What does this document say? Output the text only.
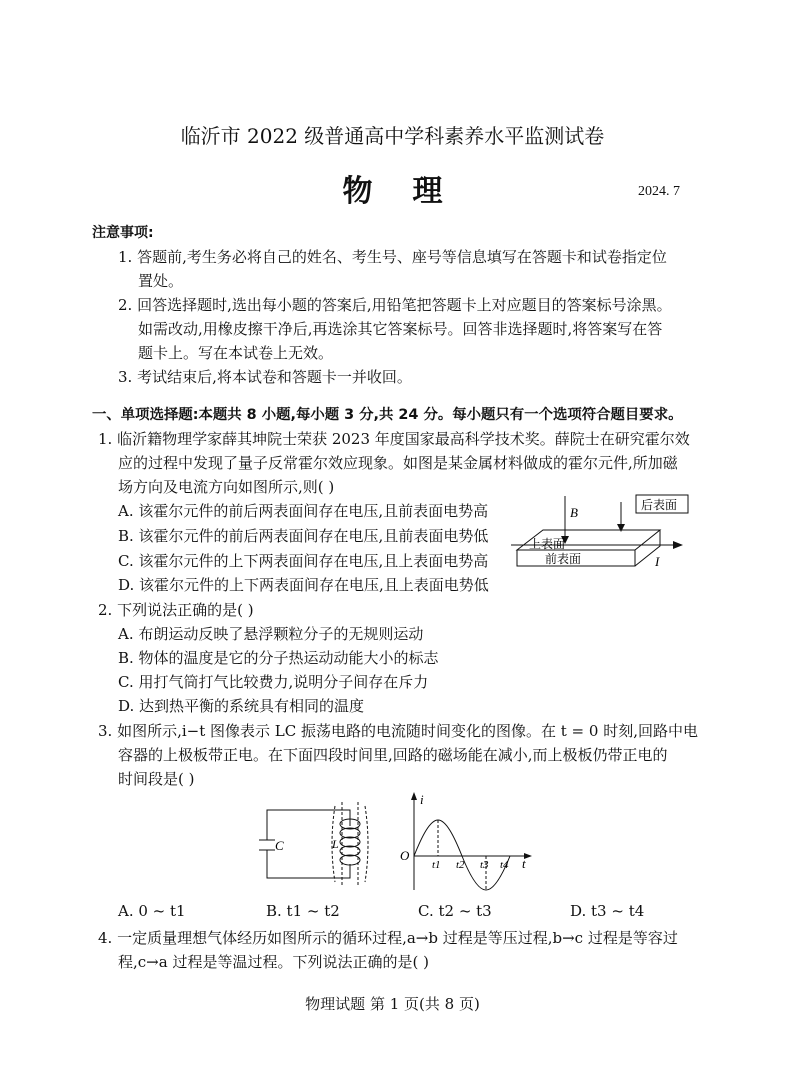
临沂市 2022 级普通高中学科素养水平监测试卷
物理	2024. 7
注意事项:
1. 答题前,考生务必将自己的姓名、考生号、座号等信息填写在答题卡和试卷指定位
置处。
2. 回答选择题时,选出每小题的答案后,用铅笔把答题卡上对应题目的答案标号涂黑。
如需改动,用橡皮擦干净后,再选涂其它答案标号。回答非选择题时,将答案写在答
题卡上。写在本试卷上无效。
3. 考试结束后,将本试卷和答题卡一并收回。
一、单项选择题:本题共 8 小题,每小题 3 分,共 24 分。每小题只有一个选项符合题目要求。
1. 临沂籍物理学家薛其坤院士荣获 2023 年度国家最高科学技术奖。薛院士在研究霍尔效
应的过程中发现了量子反常霍尔效应现象。如图是某金属材料做成的霍尔元件,所加磁
场方向及电流方向如图所示,则( )
A. 该霍尔元件的前后两表面间存在电压,且前表面电势高
B. 该霍尔元件的前后两表面间存在电压,且前表面电势低
C. 该霍尔元件的上下两表面间存在电压,且上表面电势高
D. 该霍尔元件的上下两表面间存在电压,且上表面电势低
后表面
上表面
前表面
B
I
2. 下列说法正确的是( )
A. 布朗运动反映了悬浮颗粒分子的无规则运动
B. 物体的温度是它的分子热运动动能大小的标志
C. 用打气筒打气比较费力,说明分子间存在斥力
D. 达到热平衡的系统具有相同的温度
3. 如图所示,i−t 图像表示 LC 振荡电路的电流随时间变化的图像。在 t = 0 时刻,回路中电
容器的上极板带正电。在下面四段时间里,回路的磁场能在减小,而上极板仍带正电的
时间段是( )
C	L
i
O
t
t1 t2 t3 t4
A. 0 ~ t1	B. t1 ~ t2	C. t2 ~ t3	D. t3 ~ t4
4. 一定质量理想气体经历如图所示的循环过程,a→b 过程是等压过程,b→c 过程是等容过
程,c→a 过程是等温过程。下列说法正确的是( )
物理试题 第 1 页(共 8 页)
